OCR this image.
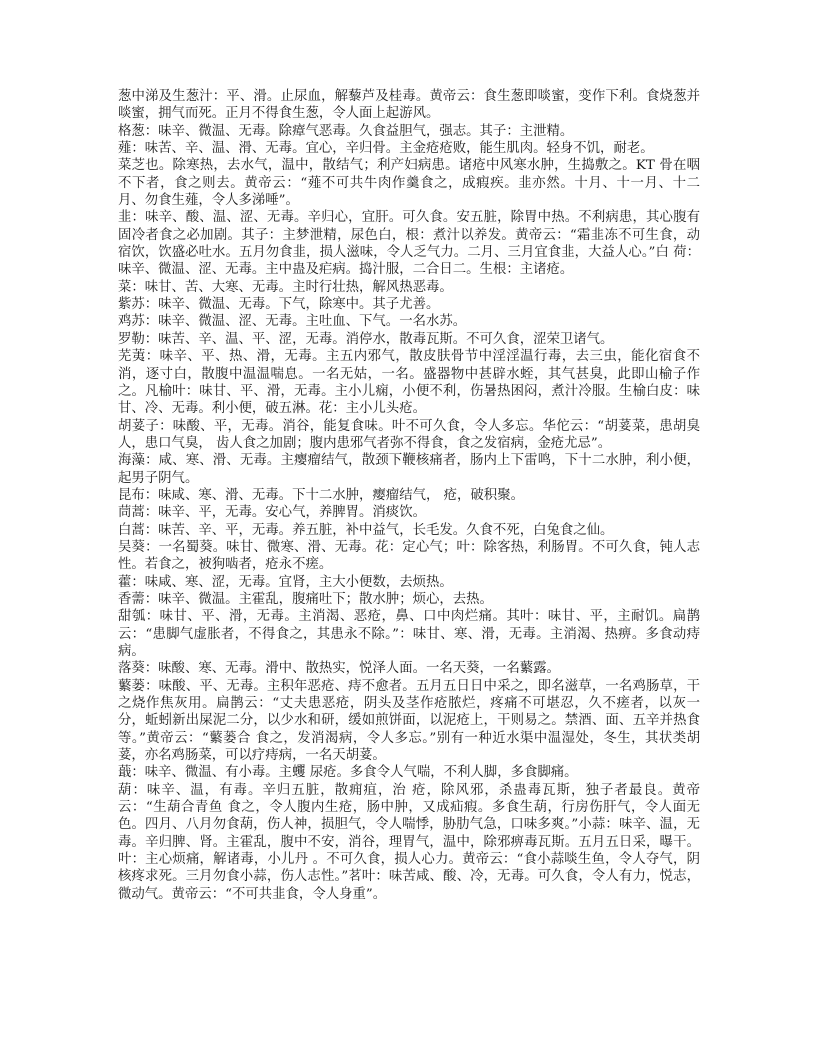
葱中涕及生葱汁：平、滑。止尿血，解藜芦及桂毒。黄帝云：食生葱即啖蜜，变作下利。食烧葱并啖蜜，拥气而死。正月不得食生葱，令人面上起游风。

格葱：味辛、微温、无毒。除瘴气恶毒。久食益胆气，强志。其子：主泄精。

薤：味苦、辛、温、滑、无毒。宜心，辛归骨。主金疮疮败，能生肌肉。轻身不饥，耐老。

菜芝也。除寒热，去水气，温中，散结气；利产妇病患。诸疮中风寒水肿，生捣敷之。KT 骨在咽不下者，食之则去。黄帝云：“薤不可共牛肉作羹食之，成瘕疾。韭亦然。十月、十一月、十二月、勿食生薤，令人多涕唾”。

韭：味辛、酸、温、涩、无毒。辛归心，宜肝。可久食。安五脏，除胃中热。不利病患，其心腹有固冷者食之必加剧。其子：主梦泄精，尿色白，根：煮汁以养发。黄帝云：“霜韭冻不可生食，动宿饮，饮盛必吐水。五月勿食韭，损人滋味，令人乏气力。二月、三月宜食韭，大益人心。”白 荷：味辛、微温、涩、无毒。主中蛊及疟病。捣汁服，二合日二。生根：主诸疮。

菜：味甘、苦、大寒、无毒。主时行壮热，解风热恶毒。

紫苏：味辛、微温、无毒。下气，除寒中。其子尤善。

鸡苏：味辛、微温、涩、无毒。主吐血、下气。一名水苏。

罗勒：味苦、辛、温、平、涩，无毒。消停水，散毒瓦斯。不可久食，涩荣卫诸气。

芜荑：味辛、平、热、滑，无毒。主五内邪气，散皮肤骨节中淫淫温行毒，去三虫，能化宿食不消，逐寸白，散腹中温温喘息。一名无姑，一名。盛器物中甚辟水蛭，其气甚臭，此即山榆子作之。凡榆叶：味甘、平、滑，无毒。主小儿痫，小便不利，伤暑热困闷，煮汁冷服。生榆白皮：味甘、冷、无毒。利小便，破五淋。花：主小儿头疮。

胡荽子：味酸、平，无毒。消谷，能复食味。叶不可久食，令人多忘。华佗云：“胡荽菜，患胡臭人，患口气臭， 齿人食之加剧；腹内患邪气者弥不得食，食之发宿病，金疮尤忌”。

海藻：咸、寒、滑、无毒。主瘿瘤结气，散颈下鞭核痛者，肠内上下雷鸣，下十二水肿，利小便，起男子阴气。

昆布：味咸、寒、滑、无毒。下十二水肿，瘿瘤结气， 疮，破积聚。

茼蒿：味辛、平，无毒。安心气，养脾胃。消痰饮。

白蒿：味苦、辛、平，无毒。养五脏，补中益气，长毛发。久食不死，白兔食之仙。

吴葵：一名蜀葵。味甘、微寒、滑、无毒。花：定心气；叶：除客热，利肠胃。不可久食，钝人志性。若食之，被狗啮者，疮永不瘥。

藿：味咸、寒、涩，无毒。宜肾，主大小便数，去烦热。

香薷：味辛、微温。主霍乱，腹痛吐下；散水肿；烦心，去热。

甜瓠：味甘、平、滑，无毒。主消渴、恶疮，鼻、口中肉烂痛。其叶：味甘、平，主耐饥。扁鹊云：“患脚气虚胀者，不得食之，其患永不除。”：味甘、寒、滑，无毒。主消渴、热痹。多食动痔病。

落葵：味酸、寒、无毒。滑中、散热实，悦泽人面。一名天葵，一名蘩露。

蘩蒌：味酸、平、无毒。主积年恶疮、痔不愈者。五月五日日中采之，即名滋草，一名鸡肠草，干之烧作焦灰用。扁鹊云：“丈夫患恶疮，阴头及茎作疮脓烂，疼痛不可堪忍，久不瘥者，以灰一分，蚯蚓新出屎泥二分，以少水和研，缓如煎饼面，以泥疮上，干则易之。禁酒、面、五辛并热食等。”黄帝云：“蘩蒌合 食之，发消渴病，令人多忘。”别有一种近水渠中温湿处，冬生，其状类胡荽，亦名鸡肠菜，可以疗痔病，一名天胡荽。

蕺：味辛、微温、有小毒。主蠼 尿疮。多食令人气喘，不利人脚，多食脚痛。

葫：味辛、温，有毒。辛归五脏，散痈疽，治 疮，除风邪，杀蛊毒瓦斯，独子者最良。黄帝云：“生葫合青鱼 食之，令人腹内生疮，肠中肿，又成疝瘕。多食生葫，行房伤肝气，令人面无色。四月、八月勿食葫，伤人神，损胆气，令人喘悸，胁肋气急，口味多爽。”小蒜：味辛、温，无毒。辛归脾、肾。主霍乱，腹中不安，消谷，理胃气，温中，除邪痹毒瓦斯。五月五日采，曝干。叶：主心烦痛，解诸毒，小儿丹 。不可久食，损人心力。黄帝云：“食小蒜啖生鱼，令人夺气，阴核疼求死。三月勿食小蒜，伤人志性。”茗叶：味苦咸、酸、冷，无毒。可久食，令人有力，悦志，微动气。黄帝云：“不可共韭食，令人身重”。
